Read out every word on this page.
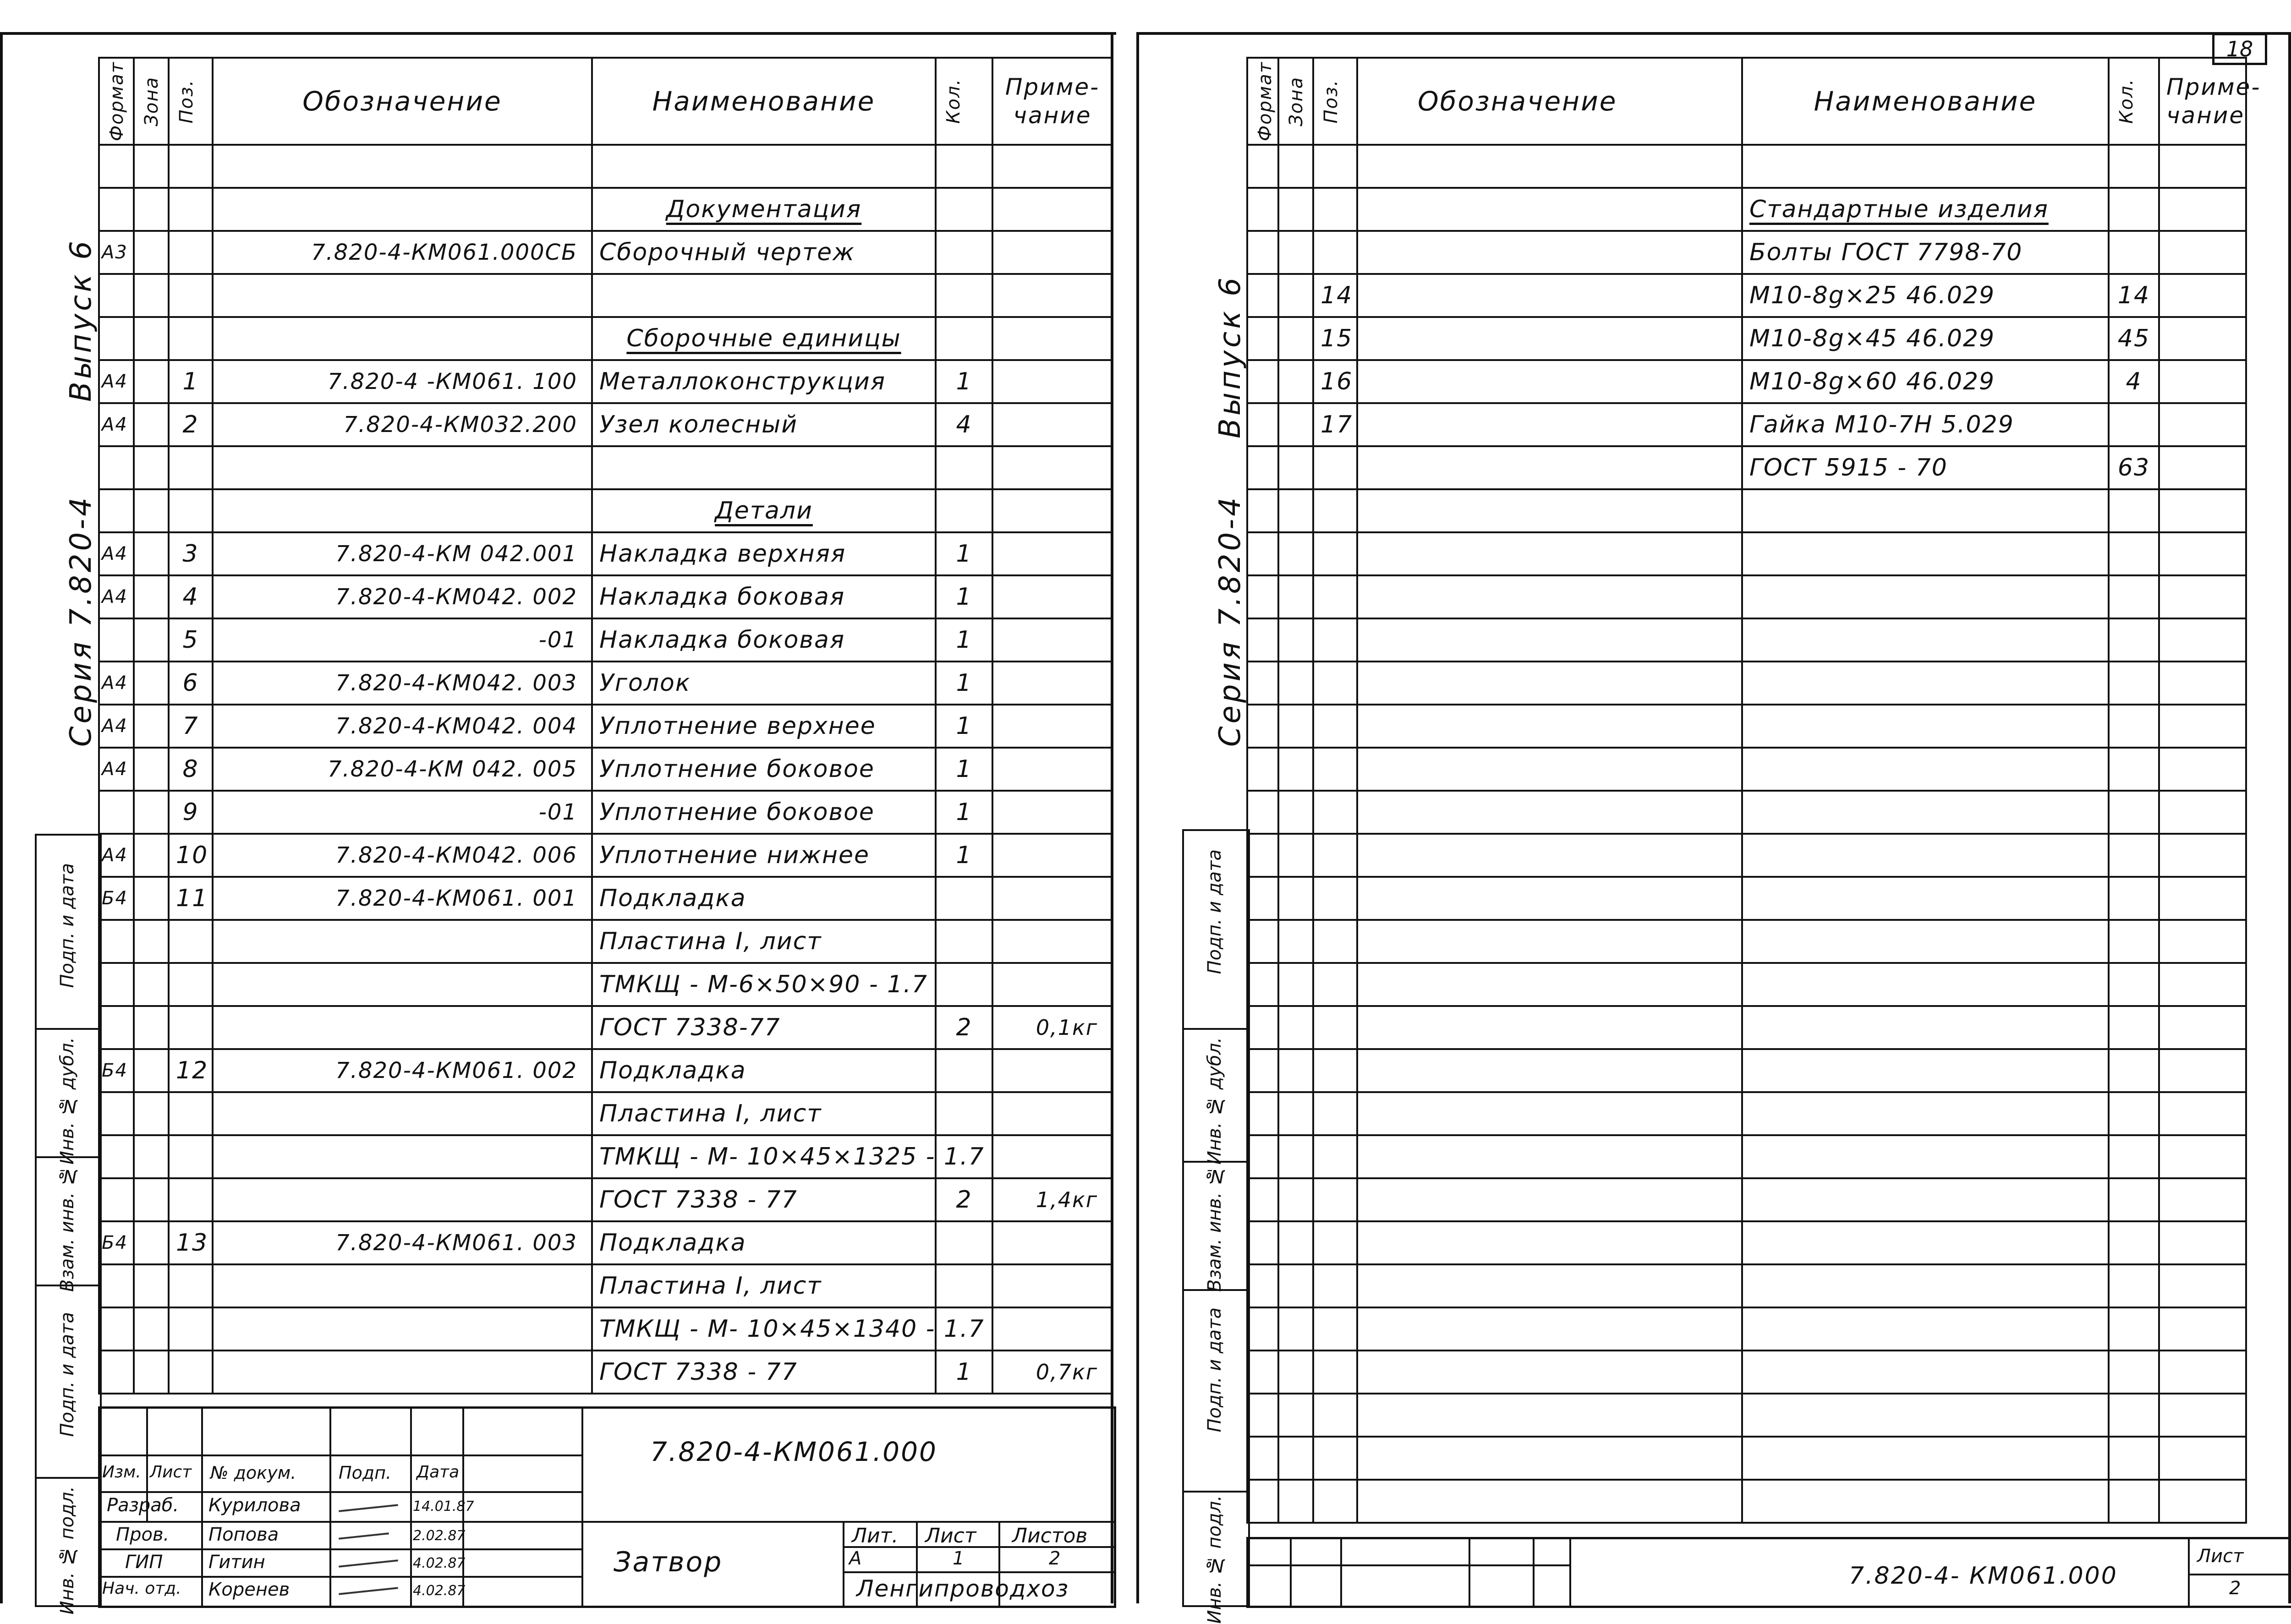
18
Выпуск 6
Серия 7.820-4
Формат	Зона	Поз.	Обозначение	Наименование	Кол.	Приме-чание

				Документация		
А3			7.820-4-КМ061.000СБ	Сборочный чертеж		

				Сборочные единицы		
А4		1	7.820-4 -КМ061. 100	Металлоконструкция	1	
А4		2	7.820-4-КМ032.200	Узел колесный	4	

				Детали		
А4		3	7.820-4-КМ 042.001	Накладка верхняя	1	
А4		4	7.820-4-КМ042. 002	Накладка боковая	1	
		5	-01	Накладка боковая	1	
А4		6	7.820-4-КМ042. 003	Уголок	1	
А4		7	7.820-4-КМ042. 004	Уплотнение верхнее	1	
А4		8	7.820-4-КМ 042. 005	Уплотнение боковое	1	
		9	-01	Уплотнение боковое	1	
А4		10	7.820-4-КМ042. 006	Уплотнение нижнее	1	
Б4		11	7.820-4-КМ061. 001	Подкладка		
				Пластина I, лист		
				ТМКЩ - М-6×50×90 - 1.7		
				ГОСТ 7338-77	2	0,1кг
Б4		12	7.820-4-КМ061. 002	Подкладка		
				Пластина I, лист		
				ТМКЩ - М- 10×45×1325 - 1.7		
				ГОСТ 7338 - 77	2	1,4кг
Б4		13	7.820-4-КМ061. 003	Подкладка		
				Пластина I, лист		
				ТМКЩ - М- 10×45×1340 - 1.7		
				ГОСТ 7338 - 77	1	0,7кг
Подп. и дата
Инв. № дубл.
Взам. инв. №
Подп. и дата
Инв. № подл.
Изм. Лист № докум. Подп. Дата
7.820-4-КМ061.000
Разраб. Курилова	14.01.87
Пров. Попова	2.02.87
ГИП Гитин	4.02.87
Нач. отд. Коренев	4.02.87
Затвор
Лит. Лист Листов
А	1	2
Ленгипроводхоз
Выпуск 6
Серия 7.820-4
Формат	Зона	Поз.	Обозначение	Наименование	Кол.	Приме-чание

				Стандартные изделия		
				Болты ГОСТ 7798-70		
		14		М10-8g×25 46.029	14	
		15		М10-8g×45 46.029	45	
		16		М10-8g×60 46.029	4	
		17		Гайка М10-7Н 5.029		
				ГОСТ 5915 - 70	63	

Подп. и дата
Инв. № дубл.
Взам. инв. №
Подп. и дата
Инв. № подл.	7.820-4- КМ061.000
Лист
2
